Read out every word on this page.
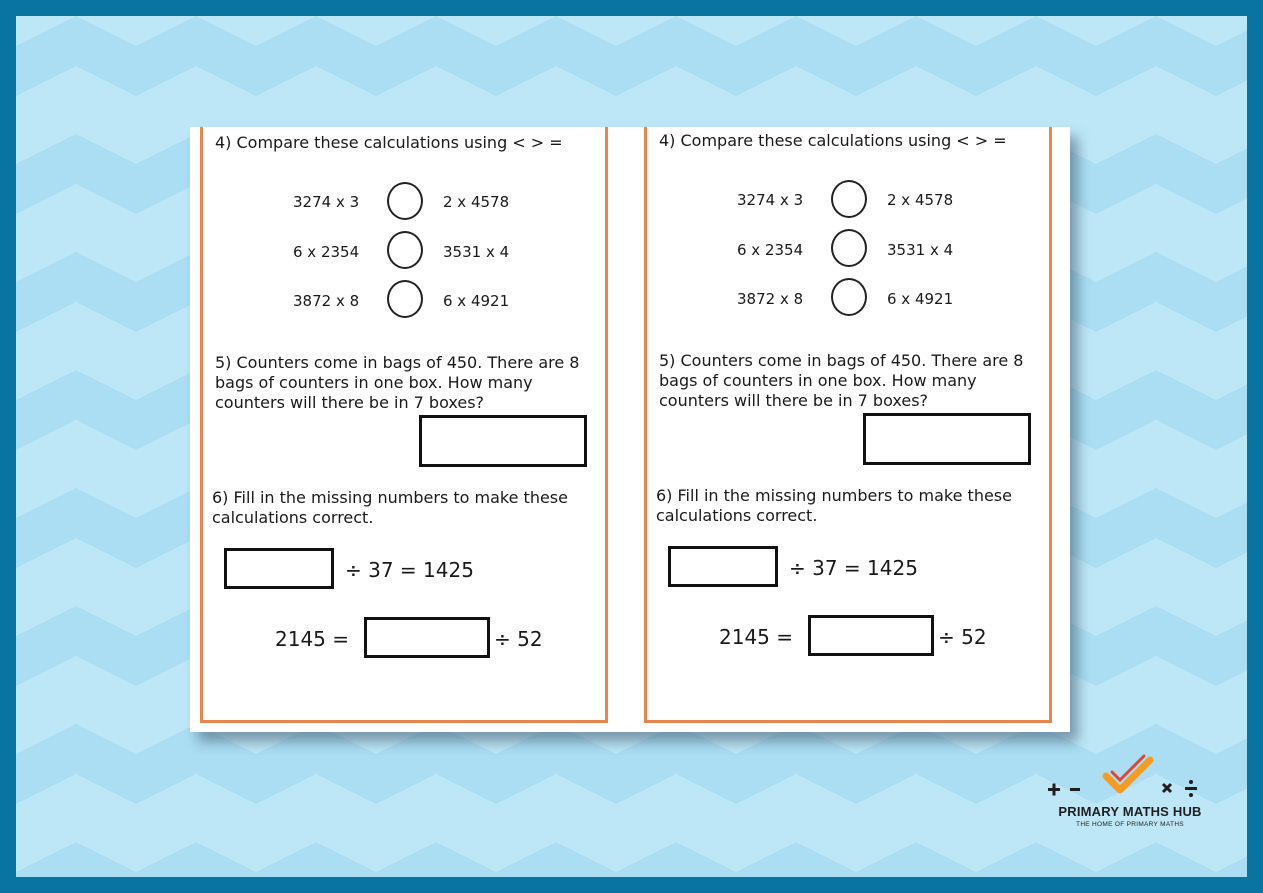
4) Compare these calculations using < > =
3274 x 3	2 x 4578
6 x 2354	3531 x 4
3872 x 8	6 x 4921
5) Counters come in bags of 450. There are 8 bags of counters in one box. How many counters will there be in 7 boxes?
6) Fill in the missing numbers to make these calculations correct.
÷ 37 = 1425
2145 =	÷ 52
4) Compare these calculations using < > =
3274 x 3	2 x 4578
6 x 2354	3531 x 4
3872 x 8	6 x 4921
5) Counters come in bags of 450. There are 8 bags of counters in one box. How many counters will there be in 7 boxes?
6) Fill in the missing numbers to make these calculations correct.
÷ 37 = 1425
2145 =	÷ 52
PRIMARY MATHS HUB
THE HOME OF PRIMARY MATHS
